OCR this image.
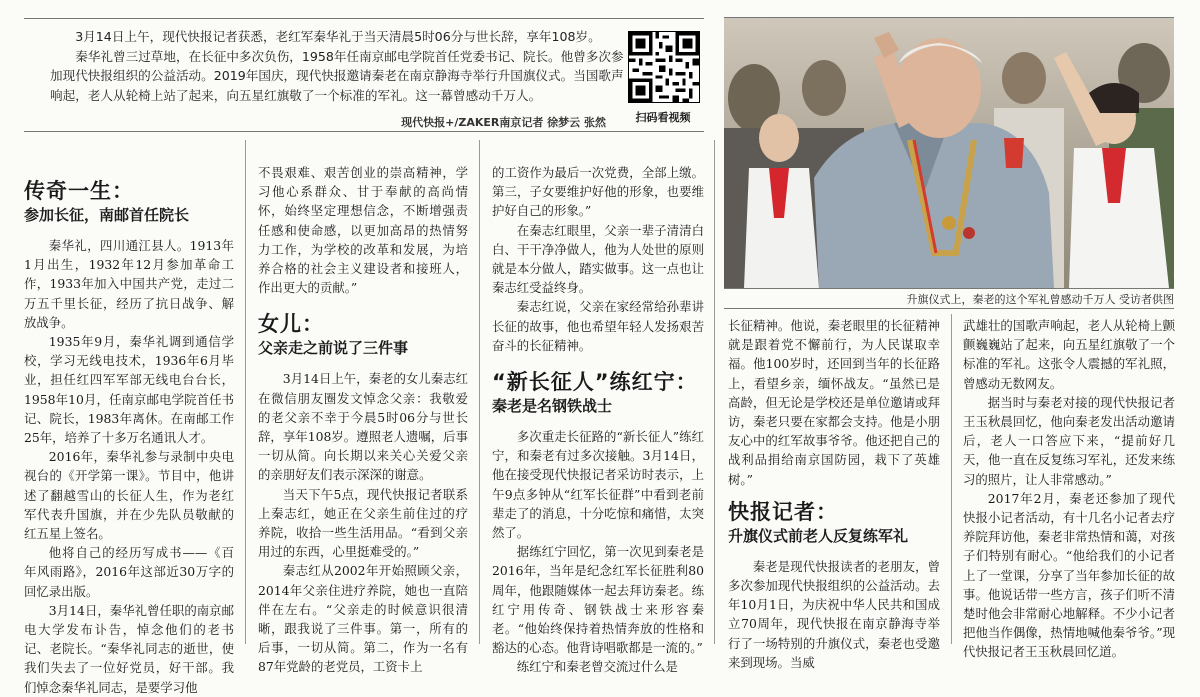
3月14日上午，现代快报记者获悉，老红军秦华礼于当天清晨5时06分与世长辞，享年108岁。

秦华礼曾三过草地，在长征中多次负伤，1958年任南京邮电学院首任党委书记、院长。他曾多次参加现代快报组织的公益活动。2019年国庆，现代快报邀请秦老在南京静海寺举行升国旗仪式。当国歌声响起，老人从轮椅上站了起来，向五星红旗敬了一个标准的军礼。这一幕曾感动千万人。

现代快报+/ZAKER南京记者 徐梦云 张然	扫码看视频
升旗仪式上，秦老的这个军礼曾感动千万人 受访者供图
传奇一生：
参加长征，南邮首任院长

秦华礼，四川通江县人。1913年1月出生，1932年12月参加革命工作，1933年加入中国共产党，走过二万五千里长征，经历了抗日战争、解放战争。

1935年9月，秦华礼调到通信学校，学习无线电技术，1936年6月毕业，担任红四军军部无线电台台长，1958年10月，任南京邮电学院首任书记、院长，1983年离休。在南邮工作25年，培养了十多万名通讯人才。

2016年，秦华礼参与录制中央电视台的《开学第一课》。节目中，他讲述了翻越雪山的长征人生，作为老红军代表升国旗，并在少先队员敬献的红五星上签名。

他将自己的经历写成书——《百年风雨路》，2016年这部近30万字的回忆录出版。

3月14日，秦华礼曾任职的南京邮电大学发布讣告，悼念他们的老书记、老院长。“秦华礼同志的逝世，使我们失去了一位好党员，好干部。我们悼念秦华礼同志，是要学习他

不畏艰难、艰苦创业的崇高精神，学习他心系群众、甘于奉献的高尚情怀，始终坚定理想信念，不断增强责任感和使命感，以更加高昂的热情努力工作，为学校的改革和发展，为培养合格的社会主义建设者和接班人，作出更大的贡献。”

女儿：
父亲走之前说了三件事

3月14日上午，秦老的女儿秦志红在微信朋友圈发文悼念父亲：我敬爱的老父亲不幸于今晨5时06分与世长辞，享年108岁。遵照老人遗嘱，后事一切从简。向长期以来关心关爱父亲的亲朋好友们表示深深的谢意。

当天下午5点，现代快报记者联系上秦志红，她正在父亲生前住过的疗养院，收拾一些生活用品。“看到父亲用过的东西，心里挺难受的。”

秦志红从2002年开始照顾父亲，2014年父亲住进疗养院，她也一直陪伴在左右。“父亲走的时候意识很清晰，跟我说了三件事。第一，所有的后事，一切从简。第二，作为一名有87年党龄的老党员，工资卡上

的工资作为最后一次党费，全部上缴。第三，子女要维护好他的形象，也要维护好自己的形象。”

在秦志红眼里，父亲一辈子清清白白、干干净净做人，他为人处世的原则就是本分做人，踏实做事。这一点也让秦志红受益终身。

秦志红说，父亲在家经常给孙辈讲长征的故事，他也希望年轻人发扬艰苦奋斗的长征精神。

“新长征人”练红宁：
秦老是名钢铁战士

多次重走长征路的“新长征人”练红宁，和秦老有过多次接触。3月14日，他在接受现代快报记者采访时表示，上午9点多钟从“红军长征群”中看到老前辈走了的消息，十分吃惊和痛惜，太突然了。

据练红宁回忆，第一次见到秦老是2016年，当年是纪念红军长征胜利80周年，他跟随媒体一起去拜访秦老。练红宁用传奇、钢铁战士来形容秦老。“他始终保持着热情奔放的性格和豁达的心态。他背诗唱歌都是一流的。”

练红宁和秦老曾交流过什么是

长征精神。他说，秦老眼里的长征精神就是跟着党不懈前行，为人民谋取幸福。他100岁时，还回到当年的长征路上，看望乡亲，缅怀战友。“虽然已是高龄，但无论是学校还是单位邀请或拜访，秦老只要在家都会支持。他是小朋友心中的红军故事爷爷。他还把自己的战利品捐给南京国防园，栽下了英雄树。”

快报记者：
升旗仪式前老人反复练军礼

秦老是现代快报读者的老朋友，曾多次参加现代快报组织的公益活动。去年10月1日，为庆祝中华人民共和国成立70周年，现代快报在南京静海寺举行了一场特别的升旗仪式，秦老也受邀来到现场。当威

武雄壮的国歌声响起，老人从轮椅上颤颤巍巍站了起来，向五星红旗敬了一个标准的军礼。这张令人震撼的军礼照，曾感动无数网友。

据当时与秦老对接的现代快报记者王玉秋晨回忆，他向秦老发出活动邀请后，老人一口答应下来，“提前好几天，他一直在反复练习军礼，还发来练习的照片，让人非常感动。”

2017年2月，秦老还参加了现代快报小记者活动，有十几名小记者去疗养院拜访他，秦老非常热情和蔼，对孩子们特别有耐心。“他给我们的小记者上了一堂课，分享了当年参加长征的故事。他说话带一些方言，孩子们听不清楚时他会非常耐心地解释。不少小记者把他当作偶像，热情地喊他秦爷爷。”现代快报记者王玉秋晨回忆道。
